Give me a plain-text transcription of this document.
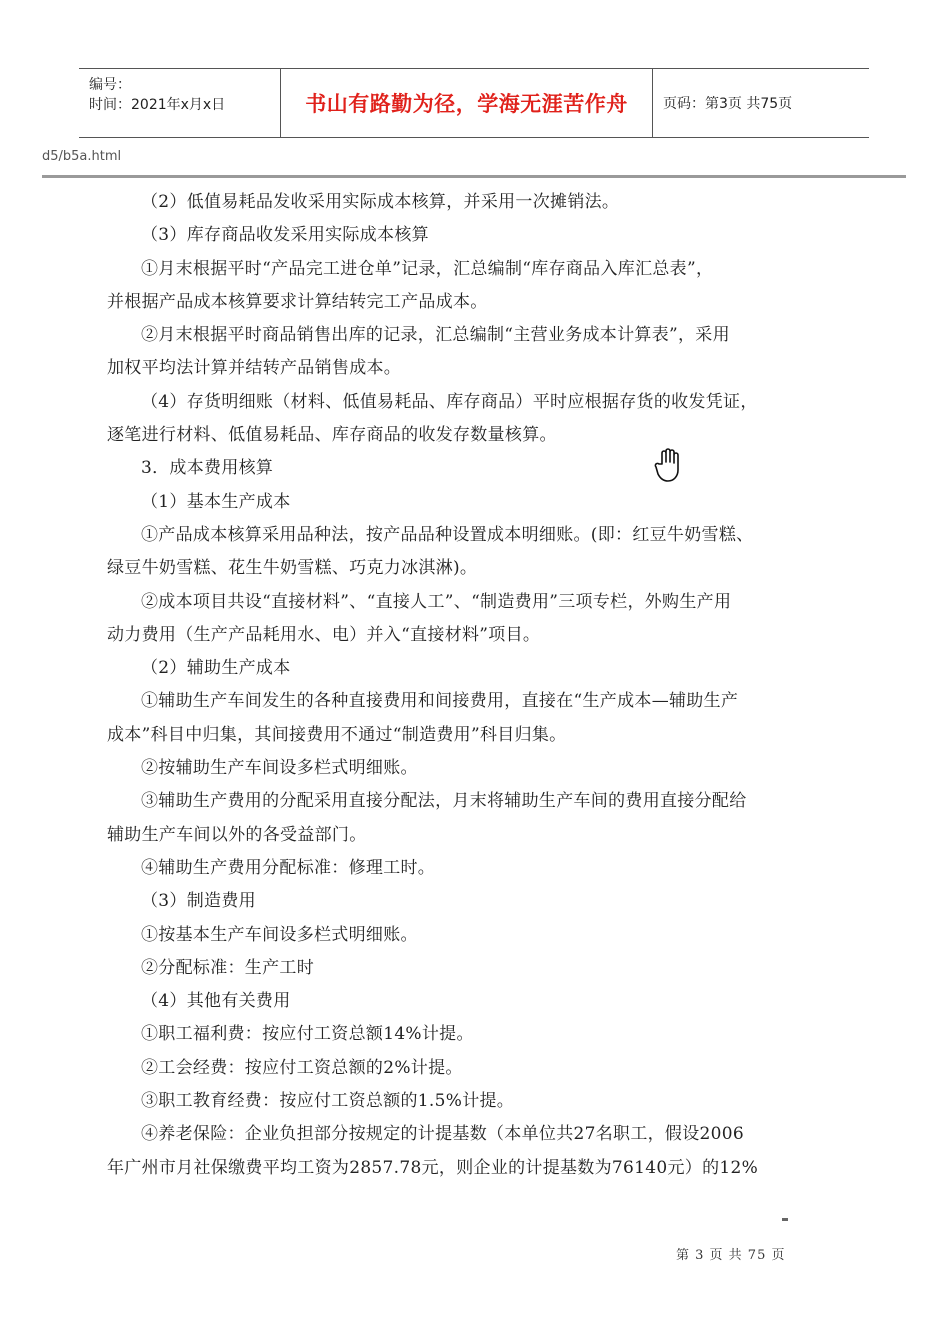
编号：
时间：2021年x月x日	书山有路勤为径，学海无涯苦作舟	页码：第3页 共75页
d5/b5a.html
（2）低值易耗品发收采用实际成本核算，并采用一次摊销法。
（3）库存商品收发采用实际成本核算
①月末根据平时“产品完工进仓单”记录，汇总编制“库存商品入库汇总表”，
并根据产品成本核算要求计算结转完工产品成本。
②月末根据平时商品销售出库的记录，汇总编制“主营业务成本计算表”，采用
加权平均法计算并结转产品销售成本。
（4）存货明细账（材料、低值易耗品、库存商品）平时应根据存货的收发凭证，
逐笔进行材料、低值易耗品、库存商品的收发存数量核算。
3．成本费用核算
（1）基本生产成本
①产品成本核算采用品种法，按产品品种设置成本明细账。(即：红豆牛奶雪糕、
绿豆牛奶雪糕、花生牛奶雪糕、巧克力冰淇淋)。
②成本项目共设“直接材料”、“直接人工”、“制造费用”三项专栏，外购生产用
动力费用（生产产品耗用水、电）并入“直接材料”项目。
（2）辅助生产成本
①辅助生产车间发生的各种直接费用和间接费用，直接在“生产成本—辅助生产
成本”科目中归集，其间接费用不通过“制造费用”科目归集。
②按辅助生产车间设多栏式明细账。
③辅助生产费用的分配采用直接分配法，月末将辅助生产车间的费用直接分配给
辅助生产车间以外的各受益部门。
④辅助生产费用分配标准：修理工时。
（3）制造费用
①按基本生产车间设多栏式明细账。
②分配标准：生产工时
（4）其他有关费用
①职工福利费：按应付工资总额14%计提。
②工会经费：按应付工资总额的2%计提。
③职工教育经费：按应付工资总额的1.5%计提。
④养老保险：企业负担部分按规定的计提基数（本单位共27名职工，假设2006
年广州市月社保缴费平均工资为2857.78元，则企业的计提基数为76140元）的12%
第 3 页 共 75 页
